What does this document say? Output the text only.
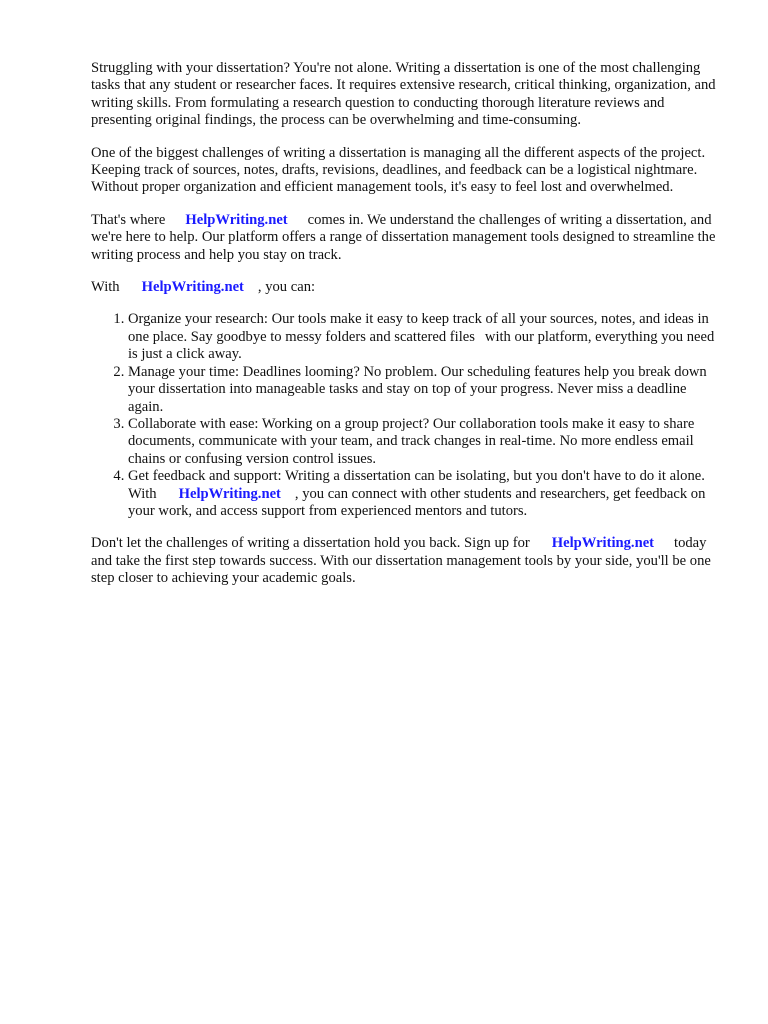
Struggling with your dissertation? You're not alone. Writing a dissertation is one of the most challenging tasks that any student or researcher faces. It requires extensive research, critical thinking, organization, and writing skills. From formulating a research question to conducting thorough literature reviews and presenting original findings, the process can be overwhelming and time-consuming.

One of the biggest challenges of writing a dissertation is managing all the different aspects of the project. Keeping track of sources, notes, drafts, revisions, deadlines, and feedback can be a logistical nightmare. Without proper organization and efficient management tools, it's easy to feel lost and overwhelmed.

That's where HelpWriting.net comes in. We understand the challenges of writing a dissertation, and we're here to help. Our platform offers a range of dissertation management tools designed to streamline the writing process and help you stay on track.

With HelpWriting.net , you can:

1. Organize your research: Our tools make it easy to keep track of all your sources, notes, and ideas in one place. Say goodbye to messy folders and scattered files with our platform, everything you need is just a click away.
2. Manage your time: Deadlines looming? No problem. Our scheduling features help you break down your dissertation into manageable tasks and stay on top of your progress. Never miss a deadline again.
3. Collaborate with ease: Working on a group project? Our collaboration tools make it easy to share documents, communicate with your team, and track changes in real-time. No more endless email chains or confusing version control issues.
4. Get feedback and support: Writing a dissertation can be isolating, but you don't have to do it alone. With HelpWriting.net , you can connect with other students and researchers, get feedback on your work, and access support from experienced mentors and tutors.

Don't let the challenges of writing a dissertation hold you back. Sign up for HelpWriting.net today and take the first step towards success. With our dissertation management tools by your side, you'll be one step closer to achieving your academic goals.
